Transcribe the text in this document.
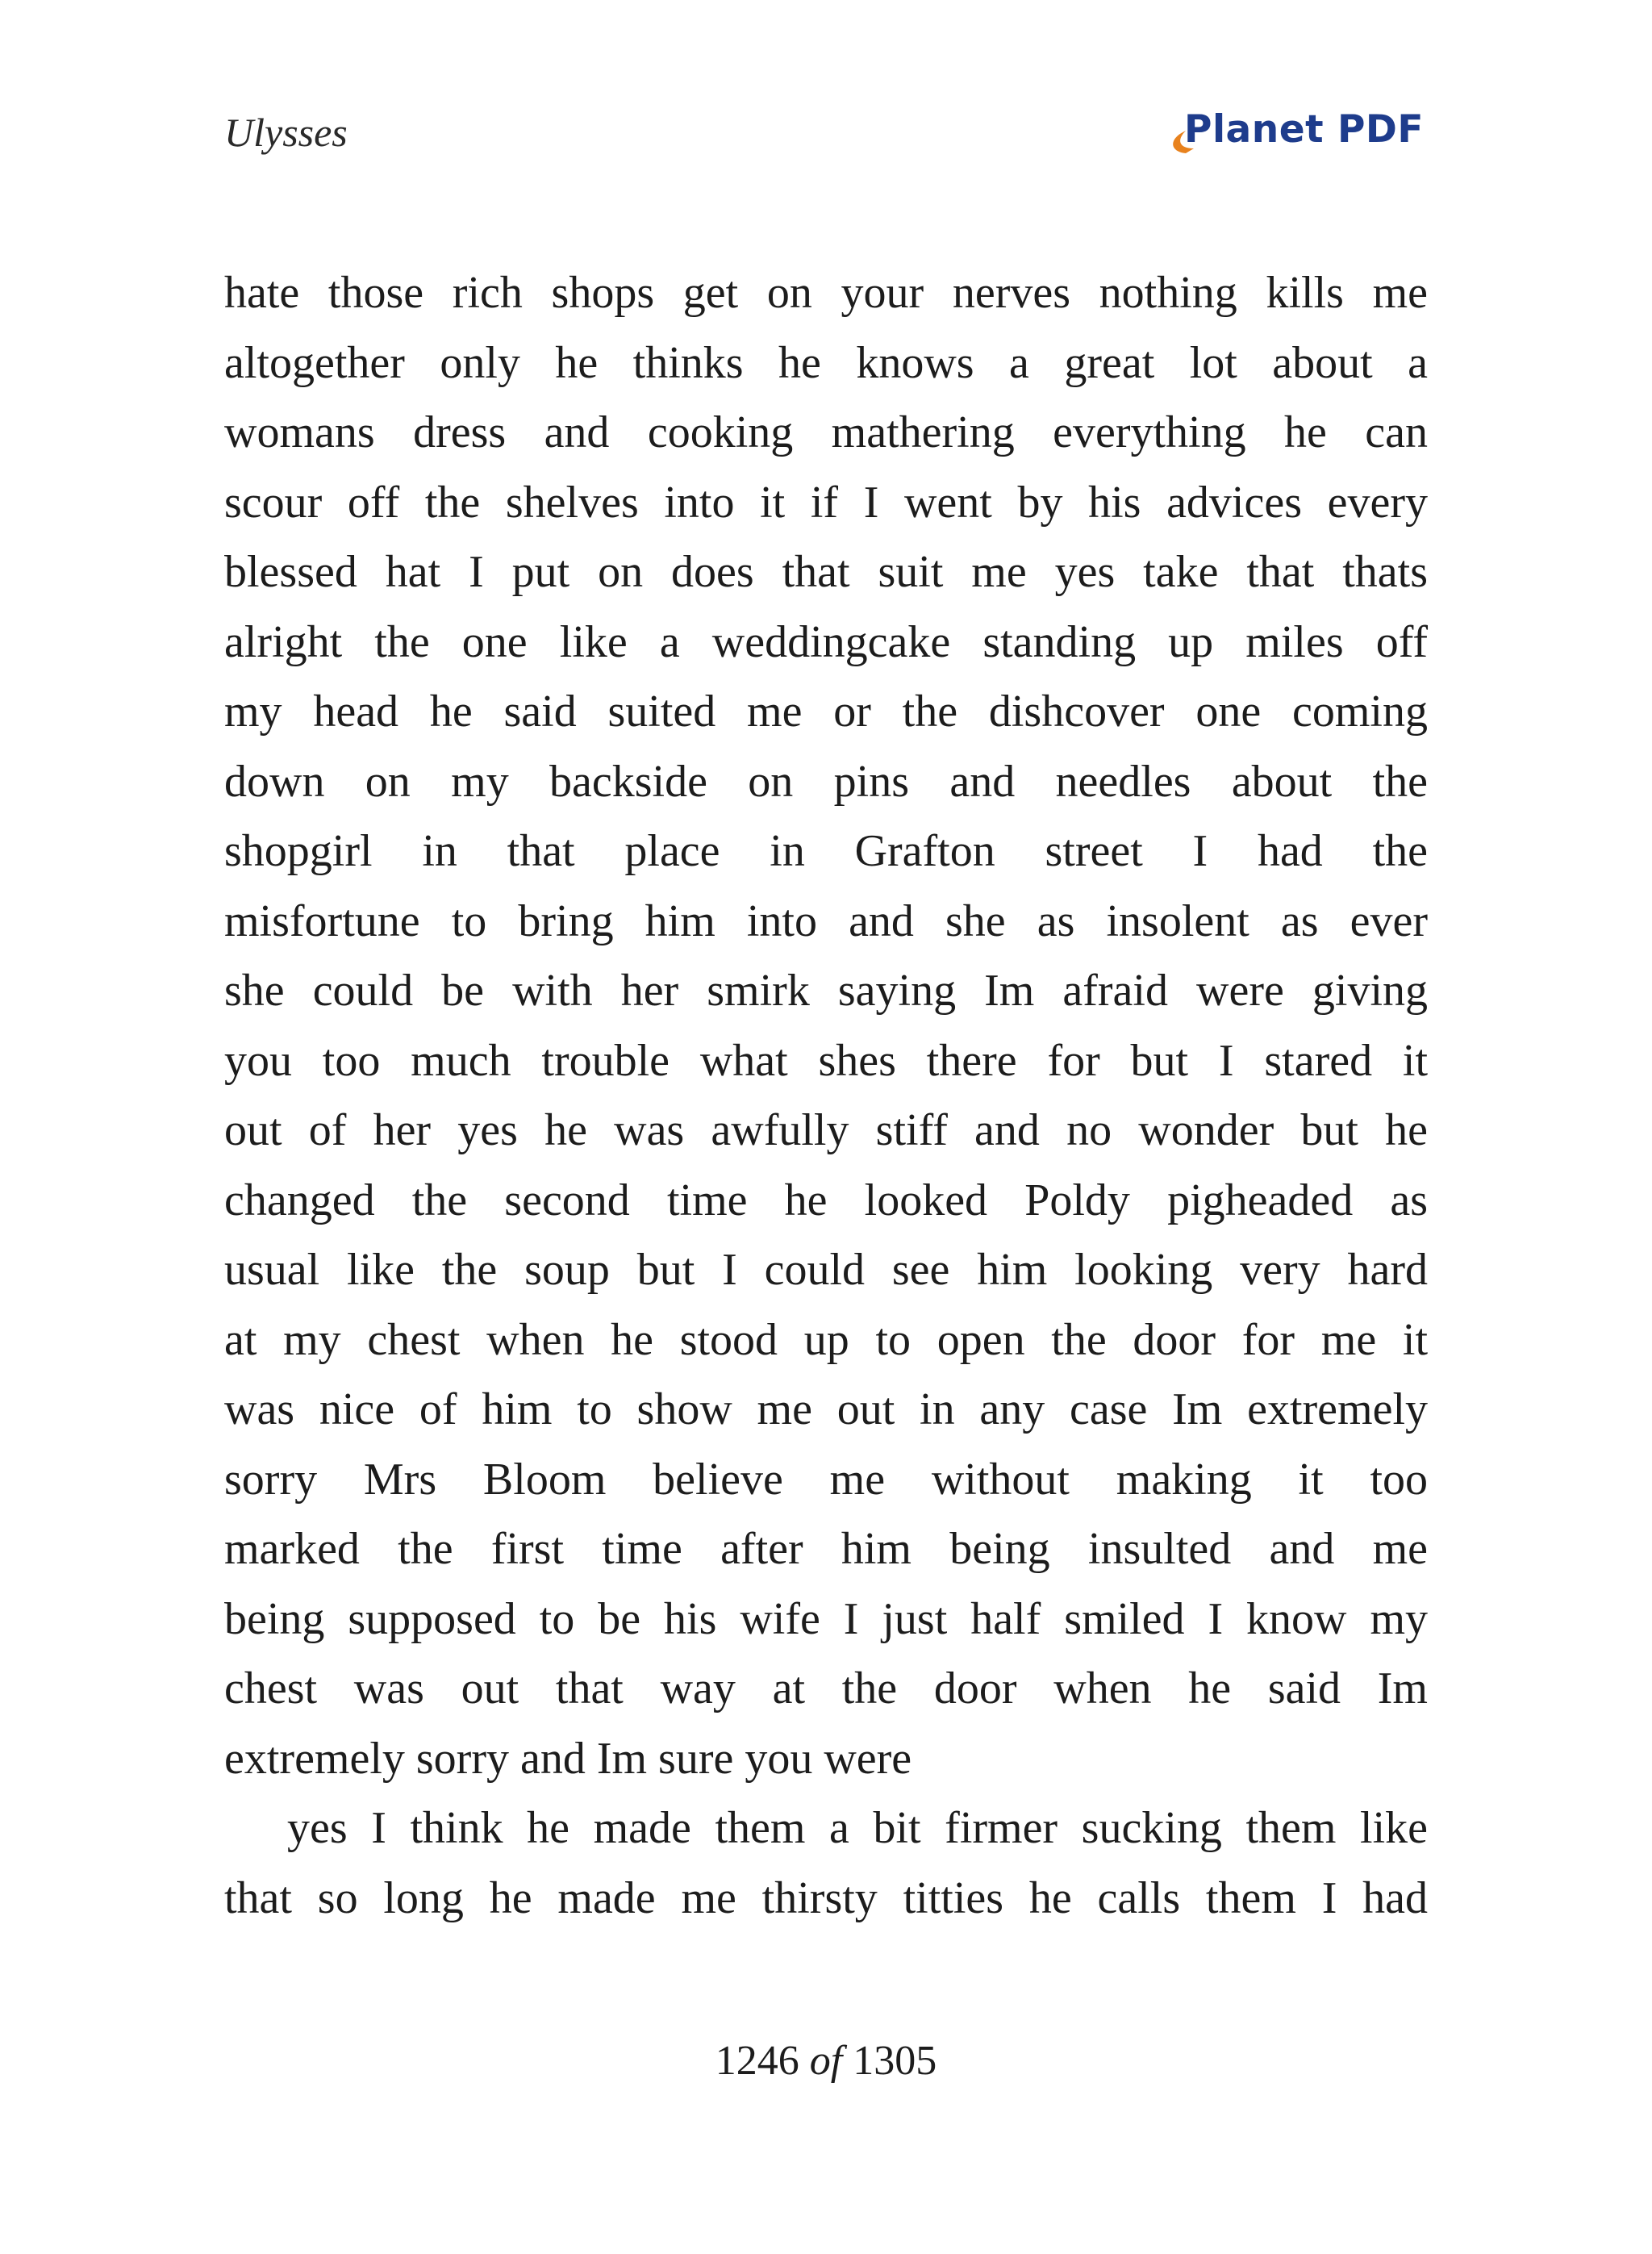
Ulysses	Planet PDF
hate those rich shops get on your nerves nothing kills me
altogether only he thinks he knows a great lot about a
womans dress and cooking mathering everything he can
scour off the shelves into it if I went by his advices every
blessed hat I put on does that suit me yes take that thats
alright the one like a weddingcake standing up miles off
my head he said suited me or the dishcover one coming
down on my backside on pins and needles about the
shopgirl in that place in Grafton street I had the
misfortune to bring him into and she as insolent as ever
she could be with her smirk saying Im afraid were giving
you too much trouble what shes there for but I stared it
out of her yes he was awfully stiff and no wonder but he
changed the second time he looked Poldy pigheaded as
usual like the soup but I could see him looking very hard
at my chest when he stood up to open the door for me it
was nice of him to show me out in any case Im extremely
sorry Mrs Bloom believe me without making it too
marked the first time after him being insulted and me
being supposed to be his wife I just half smiled I know my
chest was out that way at the door when he said Im
extremely sorry and Im sure you were
yes I think he made them a bit firmer sucking them like
that so long he made me thirsty titties he calls them I had
1246 of 1305
